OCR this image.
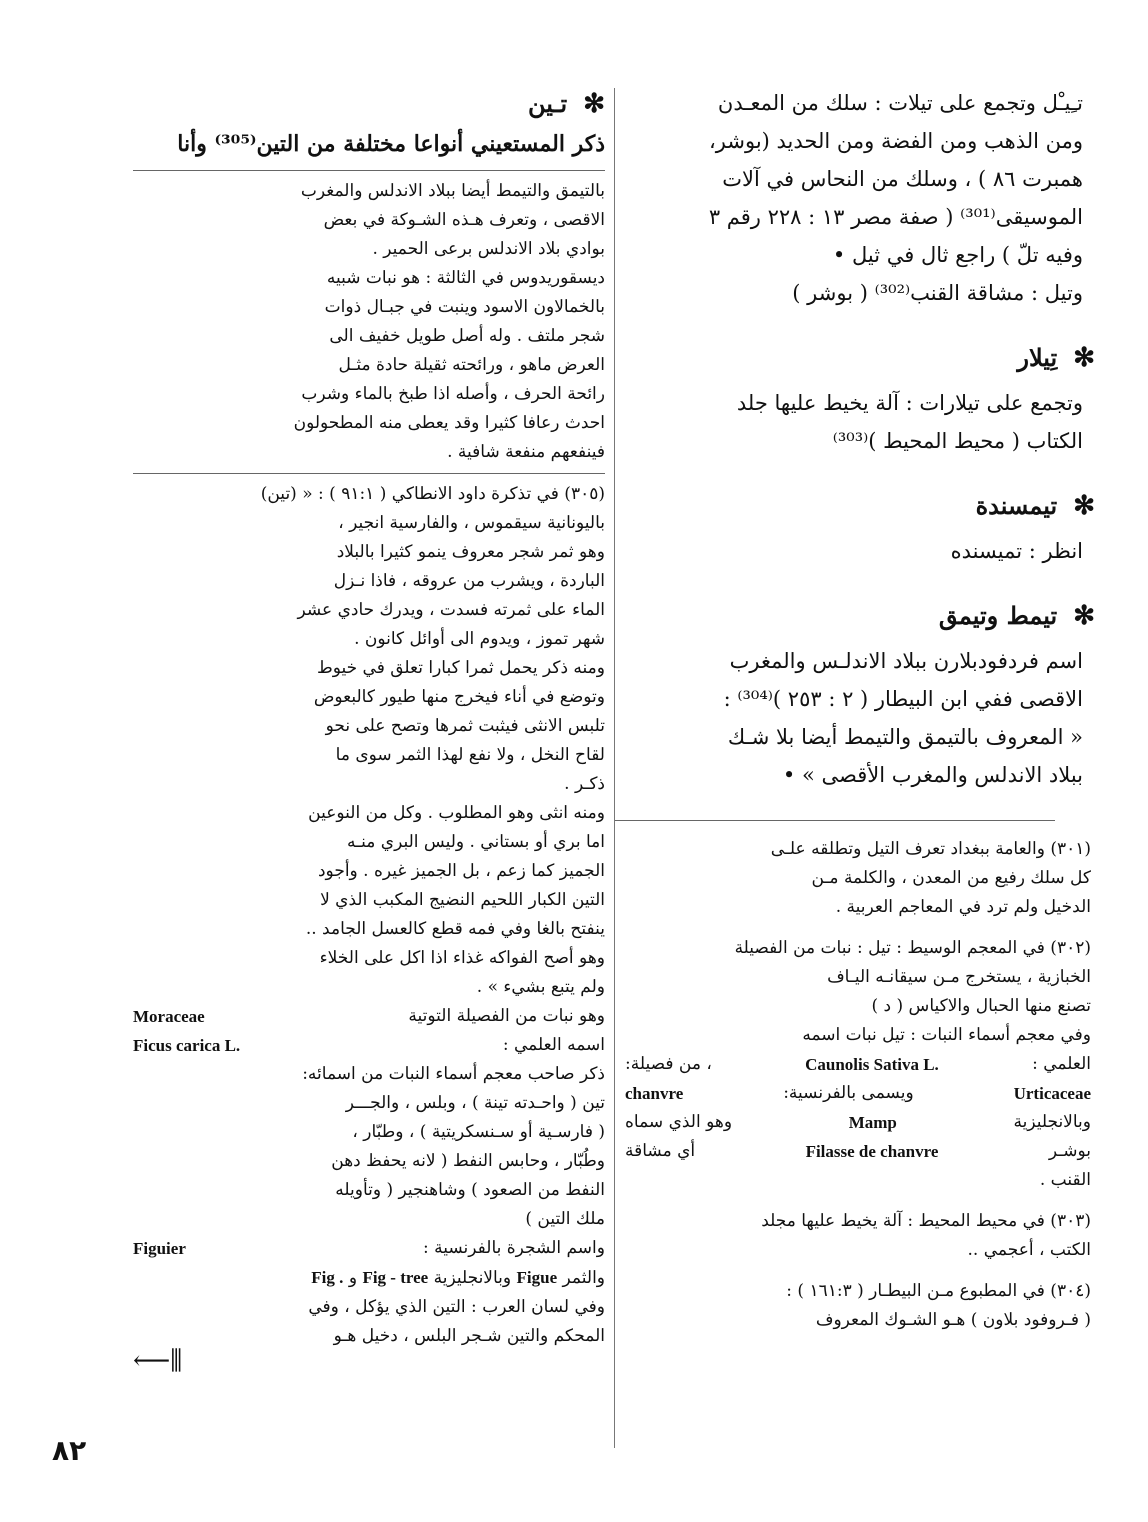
تـِيـْل وتجمع على تيلات : سلك من المعـدن

ومن الذهب ومن الفضة ومن الحديد (بوشر،

همبرت ٨٦ ) ، وسلك من النحاس في آلات

الموسيقى⁽³⁰¹⁾ ( صفة مصر ١٣ : ٢٢٨ رقم ٣

وفيه تلّ ) راجع ثال في ثيل •

وتيل : مشاقة القنب⁽³⁰²⁾ ( بوشر )

✻تِيلار

وتجمع على تيلارات : آلة يخيط عليها جلد

الكتاب ( محيط المحيط )⁽³⁰³⁾

✻تيمسندة

انظر : تميسنده

✻تيمط وتيمق

اسم فردفودبلارن ببلاد الاندلـس والمغرب

الاقصى ففي ابن البيطار ( ٢ : ٢٥٣ )⁽³⁰⁴⁾ :

« المعروف بالتيمق والتيمط أيضا بلا شـك

ببلاد الاندلس والمغرب الأقصى » •

(٣٠١) والعامة ببغداد تعرف التيل وتطلقه علـى

كل سلك رفيع من المعدن ، والكلمة مـن

الدخيل ولم ترد في المعاجم العربية .

(٣٠٢) في المعجم الوسيط : تيل : نبات من الفصيلة

الخبازية ، يستخرج مـن سيقانـه اليـاف

تصنع منها الحبال والاكياس ( د )

وفي معجم أسماء النبات : تيل نبات اسمه

العلمي :
Caunolis Sativa L.
، من فصيلة:

Urticaceae
ويسمى بالفرنسية:
chanvre

وبالانجليزية
Mamp
وهو الذي سماه

بوشـر
Filasse de chanvre
أي مشاقة

القنب .

(٣٠٣) في محيط المحيط : آلة يخيط عليها مجلد

الكتب ، أعجمي ..

(٣٠٤) في المطبوع مـن البيطـار ( ١٦١:٣ ) :

( فـروفود بلاون ) هـو الشـوك المعروف

✻تـين
ذكر المستعيني أنواعا مختلفة من التين⁽³⁰⁵⁾ وأنا

بالتيمق والتيمط أيضا ببلاد الاندلس والمغرب

الاقصى ، وتعرف هـذه الشـوكة في بعض

بوادي بلاد الاندلس برعى الحمير .

ديسقوريدوس في الثالثة : هو نبات شبيه

بالخمالاون الاسود وينبت في جبـال ذوات

شجر ملتف . وله أصل طويل خفيف الى

العرض ماهو ، ورائحته ثقيلة حادة مثـل

رائحة الحرف ، وأصله اذا طبخ بالماء وشرب

احدث رعافا كثيرا وقد يعطى منه المطحولون

فينفعهم منفعة شافية .

(٣٠٥) في تذكرة داود الانطاكي ( ٩١:١ ) : « (تين)

باليونانية سيقموس ، والفارسية انجير ،

وهو ثمر شجر معروف ينمو كثيرا بالبلاد

الباردة ، ويشرب من عروقه ، فاذا نـزل

الماء على ثمرته فسدت ، ويدرك حادي عشر

شهر تموز ، ويدوم الى أوائل كانون .

ومنه ذكر يحمل ثمرا كبارا تعلق في خيوط

وتوضع في أناء فيخرج منها طيور كالبعوض

تلبس الانثى فيثبت ثمرها وتصح على نحو

لقاح النخل ، ولا نفع لهذا الثمر سوى ما

ذكـر .

ومنه انثى وهو المطلوب . وكل من النوعين

اما بري أو بستاني . وليس البري منـه

الجميز كما زعم ، بل الجميز غيره . وأجود

التين الكبار اللحيم النضيج المكبب الذي لا

ينفتح بالغا وفي فمه قطع كالعسل الجامد ..

وهو أصح الفواكه غذاء اذا اكل على الخلاء

ولم يتبع بشيء » .

وهو نبات من الفصيلة التوتية
Moraceae

اسمه العلمي :
Ficus carica L.

ذكر صاحب معجم أسماء النبات من اسمائه:

تين ( واحـدته تينة ) ، وبلس ، والجـــر

( فارسـية أو سـنسكريتية ) ، وطبّار ،

وطُبّار ، وحابس النفط ( لانه يحفظ دهن

النفط من الصعود ) وشاهنجير ( وتأويله

ملك التين )

واسم الشجرة بالفرنسية :
Figuier

والثمر Figue وبالانجليزية Fig - tree و Fig .

وفي لسان العرب : التين الذي يؤكل ، وفي

المحكم والتين شـجر البلس ، دخيل هـو

⟵⫼
٨٢
